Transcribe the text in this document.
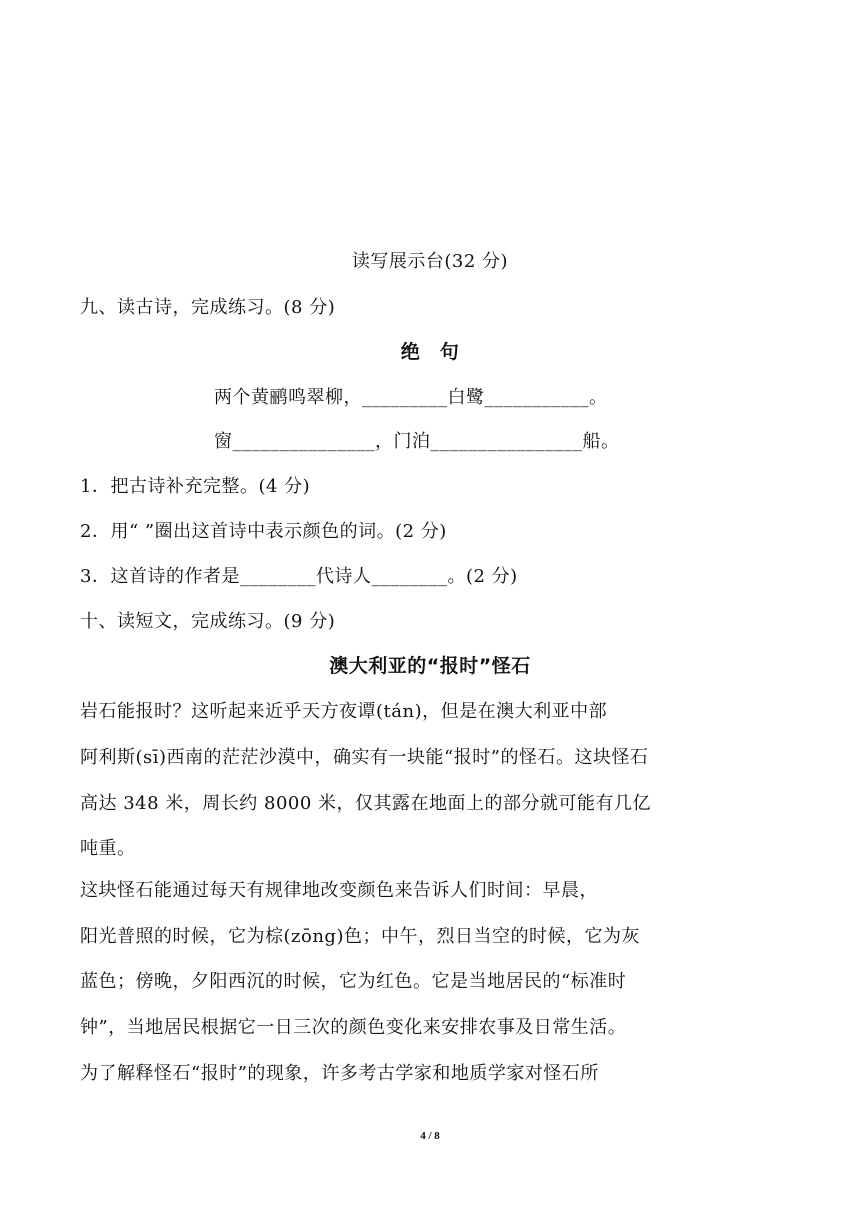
读写展示台(32 分)
九、读古诗，完成练习。(8 分)
绝　句
两个黄鹂鸣翠柳，_________白鹭___________。
窗_______________，门泊________________船。
1．把古诗补充完整。(4 分)
2．用“ ”圈出这首诗中表示颜色的词。(2 分)
3．这首诗的作者是________代诗人________。(2 分)
十、读短文，完成练习。(9 分)
澳大利亚的“报时”怪石
岩石能报时？这听起来近乎天方夜谭(tán)，但是在澳大利亚中部
阿利斯(sī)西南的茫茫沙漠中，确实有一块能“报时”的怪石。这块怪石
高达 348 米，周长约 8000 米，仅其露在地面上的部分就可能有几亿
吨重。
这块怪石能通过每天有规律地改变颜色来告诉人们时间：早晨，
阳光普照的时候，它为棕(zōng)色；中午，烈日当空的时候，它为灰
蓝色；傍晚，夕阳西沉的时候，它为红色。它是当地居民的“标准时
钟”，当地居民根据它一日三次的颜色变化来安排农事及日常生活。
为了解释怪石“报时”的现象，许多考古学家和地质学家对怪石所
4 / 8
